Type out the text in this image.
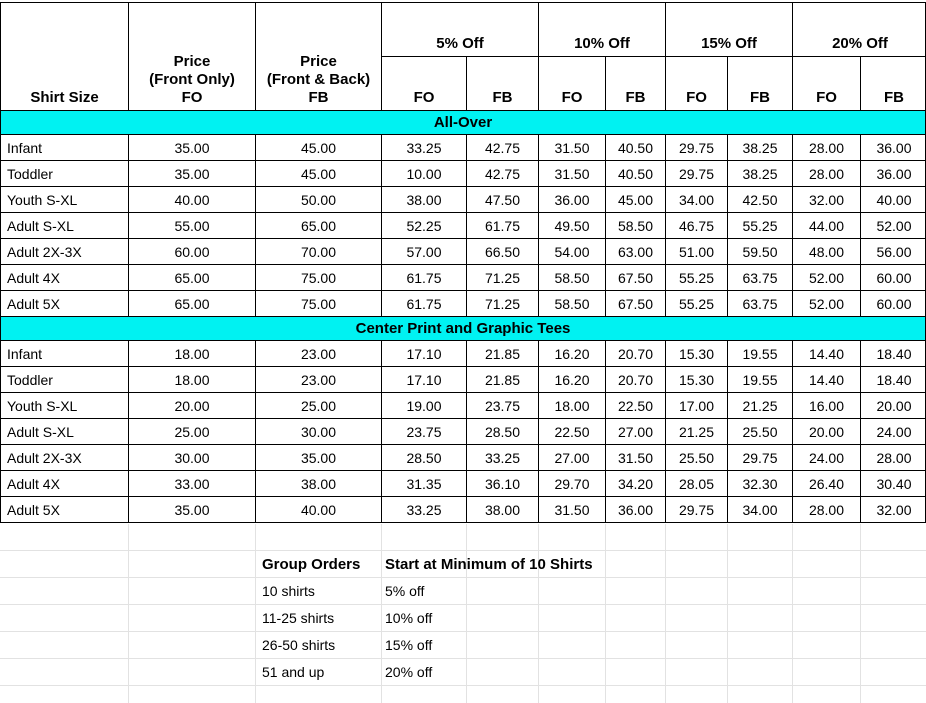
Shirt Size
Price
(Front Only)
FO
Price
(Front & Back)
FB
5% Off
FO	FB
10% Off
FO	FB
15% Off
FO	FB
20% Off
FO	FB
All-Over
Infant	35.00	45.00	33.25	42.75	31.50	40.50	29.75	38.25	28.00	36.00
Toddler	35.00	45.00	10.00	42.75	31.50	40.50	29.75	38.25	28.00	36.00
Youth S-XL	40.00	50.00	38.00	47.50	36.00	45.00	34.00	42.50	32.00	40.00
Adult S-XL	55.00	65.00	52.25	61.75	49.50	58.50	46.75	55.25	44.00	52.00
Adult 2X-3X	60.00	70.00	57.00	66.50	54.00	63.00	51.00	59.50	48.00	56.00
Adult 4X	65.00	75.00	61.75	71.25	58.50	67.50	55.25	63.75	52.00	60.00
Adult 5X	65.00	75.00	61.75	71.25	58.50	67.50	55.25	63.75	52.00	60.00
Center Print and Graphic Tees
Infant	18.00	23.00	17.10	21.85	16.20	20.70	15.30	19.55	14.40	18.40
Toddler	18.00	23.00	17.10	21.85	16.20	20.70	15.30	19.55	14.40	18.40
Youth S-XL	20.00	25.00	19.00	23.75	18.00	22.50	17.00	21.25	16.00	20.00
Adult S-XL	25.00	30.00	23.75	28.50	22.50	27.00	21.25	25.50	20.00	24.00
Adult 2X-3X	30.00	35.00	28.50	33.25	27.00	31.50	25.50	29.75	24.00	28.00
Adult 4X	33.00	38.00	31.35	36.10	29.70	34.20	28.05	32.30	26.40	30.40
Adult 5X	35.00	40.00	33.25	38.00	31.50	36.00	29.75	34.00	28.00	32.00
Group Orders Start at Minimum of 10 Shirts
10 shirts	5% off
11-25 shirts	10% off
26-50 shirts	15% off
51 and up	20% off
